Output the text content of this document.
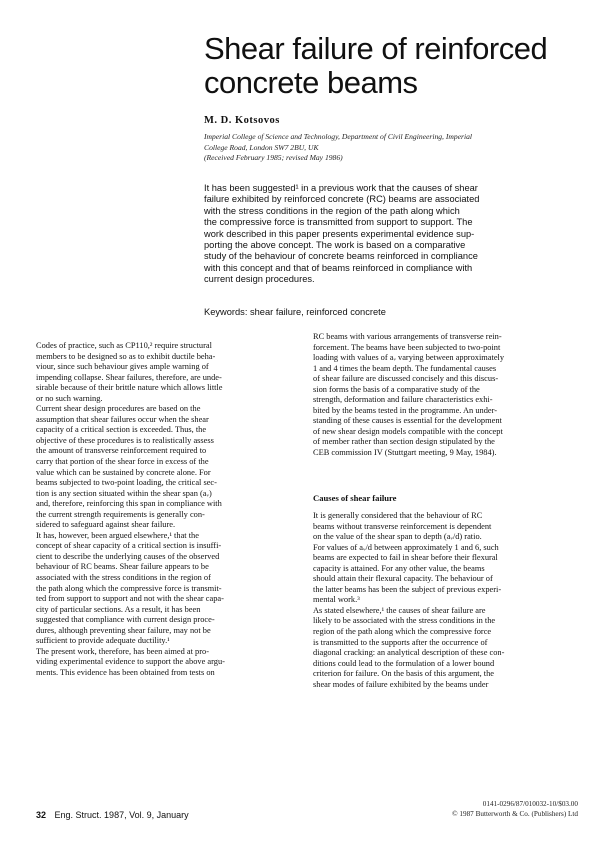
Shear failure of reinforced
concrete beams
M. D. Kotsovos
Imperial College of Science and Technology, Department of Civil Engineering, Imperial
College Road, London SW7 2BU, UK
(Received February 1985; revised May 1986)
It has been suggested¹ in a previous work that the causes of shear
failure exhibited by reinforced concrete (RC) beams are associated
with the stress conditions in the region of the path along which
the compressive force is transmitted from support to support. The
work described in this paper presents experimental evidence sup-
porting the above concept. The work is based on a comparative
study of the behaviour of concrete beams reinforced in compliance
with this concept and that of beams reinforced in compliance with
current design procedures.
Keywords: shear failure, reinforced concrete
Codes of practice, such as CP110,² require structural
members to be designed so as to exhibit ductile beha-
viour, since such behaviour gives ample warning of
impending collapse. Shear failures, therefore, are unde-
sirable because of their brittle nature which allows little
or no such warning.
Current shear design procedures are based on the
assumption that shear failures occur when the shear
capacity of a critical section is exceeded. Thus, the
objective of these procedures is to realistically assess
the amount of transverse reinforcement required to
carry that portion of the shear force in excess of the
value which can be sustained by concrete alone. For
beams subjected to two-point loading, the critical sec-
tion is any section situated within the shear span (aᵥ)
and, therefore, reinforcing this span in compliance with
the current strength requirements is generally con-
sidered to safeguard against shear failure.
It has, however, been argued elsewhere,¹ that the
concept of shear capacity of a critical section is insuffi-
cient to describe the underlying causes of the observed
behaviour of RC beams. Shear failure appears to be
associated with the stress conditions in the region of
the path along which the compressive force is transmit-
ted from support to support and not with the shear capa-
city of particular sections. As a result, it has been
suggested that compliance with current design proce-
dures, although preventing shear failure, may not be
sufficient to provide adequate ductility.¹
The present work, therefore, has been aimed at pro-
viding experimental evidence to support the above argu-
ments. This evidence has been obtained from tests on
RC beams with various arrangements of transverse rein-
forcement. The beams have been subjected to two-point
loading with values of aᵥ varying between approximately
1 and 4 times the beam depth. The fundamental causes
of shear failure are discussed concisely and this discus-
sion forms the basis of a comparative study of the
strength, deformation and failure characteristics exhi-
bited by the beams tested in the programme. An under-
standing of these causes is essential for the development
of new shear design models compatible with the concept
of member rather than section design stipulated by the
CEB commission IV (Stuttgart meeting, 9 May, 1984).
Causes of shear failure
It is generally considered that the behaviour of RC
beams without transverse reinforcement is dependent
on the value of the shear span to depth (aᵥ/d) ratio.
For values of aᵥ/d between approximately 1 and 6, such
beams are expected to fail in shear before their flexural
capacity is attained. For any other value, the beams
should attain their flexural capacity. The behaviour of
the latter beams has been the subject of previous experi-
mental work.³
As stated elsewhere,¹ the causes of shear failure are
likely to be associated with the stress conditions in the
region of the path along which the compressive force
is transmitted to the supports after the occurrence of
diagonal cracking: an analytical description of these con-
ditions could lead to the formulation of a lower bound
criterion for failure. On the basis of this argument, the
shear modes of failure exhibited by the beams under
32 Eng. Struct. 1987, Vol. 9, January
0141-0296/87/010032-10/$03.00
© 1987 Butterworth & Co. (Publishers) Ltd
